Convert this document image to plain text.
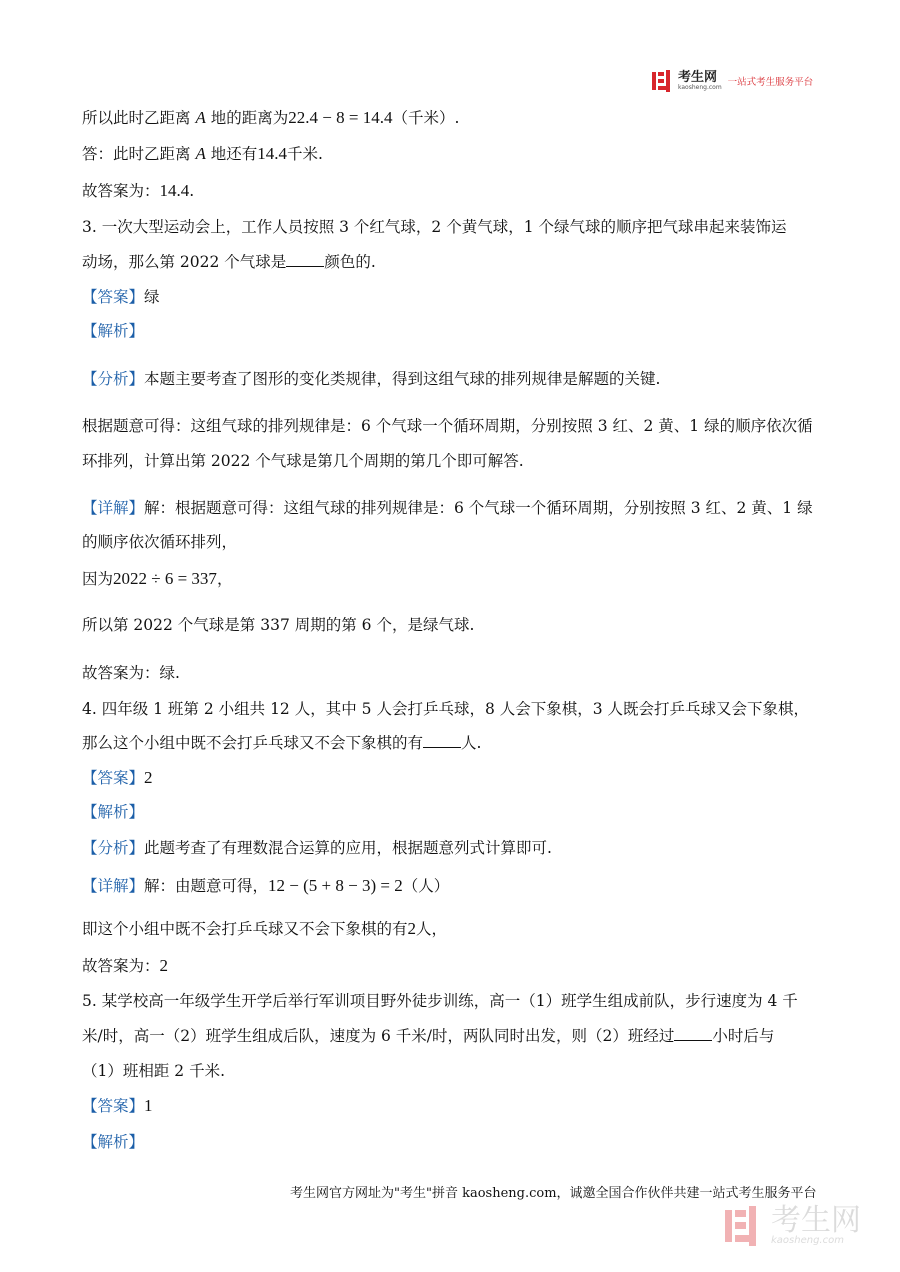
考生网
kaosheng.com 一站式考生服务平台
所以此时乙距离 A 地的距离为22.4 − 8 = 14.4（千米）.
答：此时乙距离 A 地还有14.4千米.
故答案为：14.4.
3. 一次大型运动会上，工作人员按照 3 个红气球，2 个黄气球，1 个绿气球的顺序把气球串起来装饰运
动场，那么第 2022 个气球是 颜色的.
【答案】绿
【解析】
【分析】本题主要考查了图形的变化类规律，得到这组气球的排列规律是解题的关键.
根据题意可得：这组气球的排列规律是：6 个气球一个循环周期，分别按照 3 红、2 黄、1 绿的顺序依次循
环排列，计算出第 2022 个气球是第几个周期的第几个即可解答.
【详解】解：根据题意可得：这组气球的排列规律是：6 个气球一个循环周期，分别按照 3 红、2 黄、1 绿
的顺序依次循环排列，
因为2022 ÷ 6 = 337，
所以第 2022 个气球是第 337 周期的第 6 个，是绿气球.
故答案为：绿.
4. 四年级 1 班第 2 小组共 12 人，其中 5 人会打乒乓球，8 人会下象棋，3 人既会打乒乓球又会下象棋，
那么这个小组中既不会打乒乓球又不会下象棋的有 人.
【答案】2
【解析】
【分析】此题考查了有理数混合运算的应用，根据题意列式计算即可.
【详解】解：由题意可得，12 − (5 + 8 − 3) = 2（人）
即这个小组中既不会打乒乓球又不会下象棋的有2人，
故答案为：2
5. 某学校高一年级学生开学后举行军训项目野外徒步训练，高一（1）班学生组成前队，步行速度为 4 千
米/时，高一（2）班学生组成后队，速度为 6 千米/时，两队同时出发，则（2）班经过 小时后与
（1）班相距 2 千米.
【答案】1
【解析】
考生网官方网址为"考生"拼音 kaosheng.com，诚邀全国合作伙伴共建一站式考生服务平台
考生网
kaosheng.com
